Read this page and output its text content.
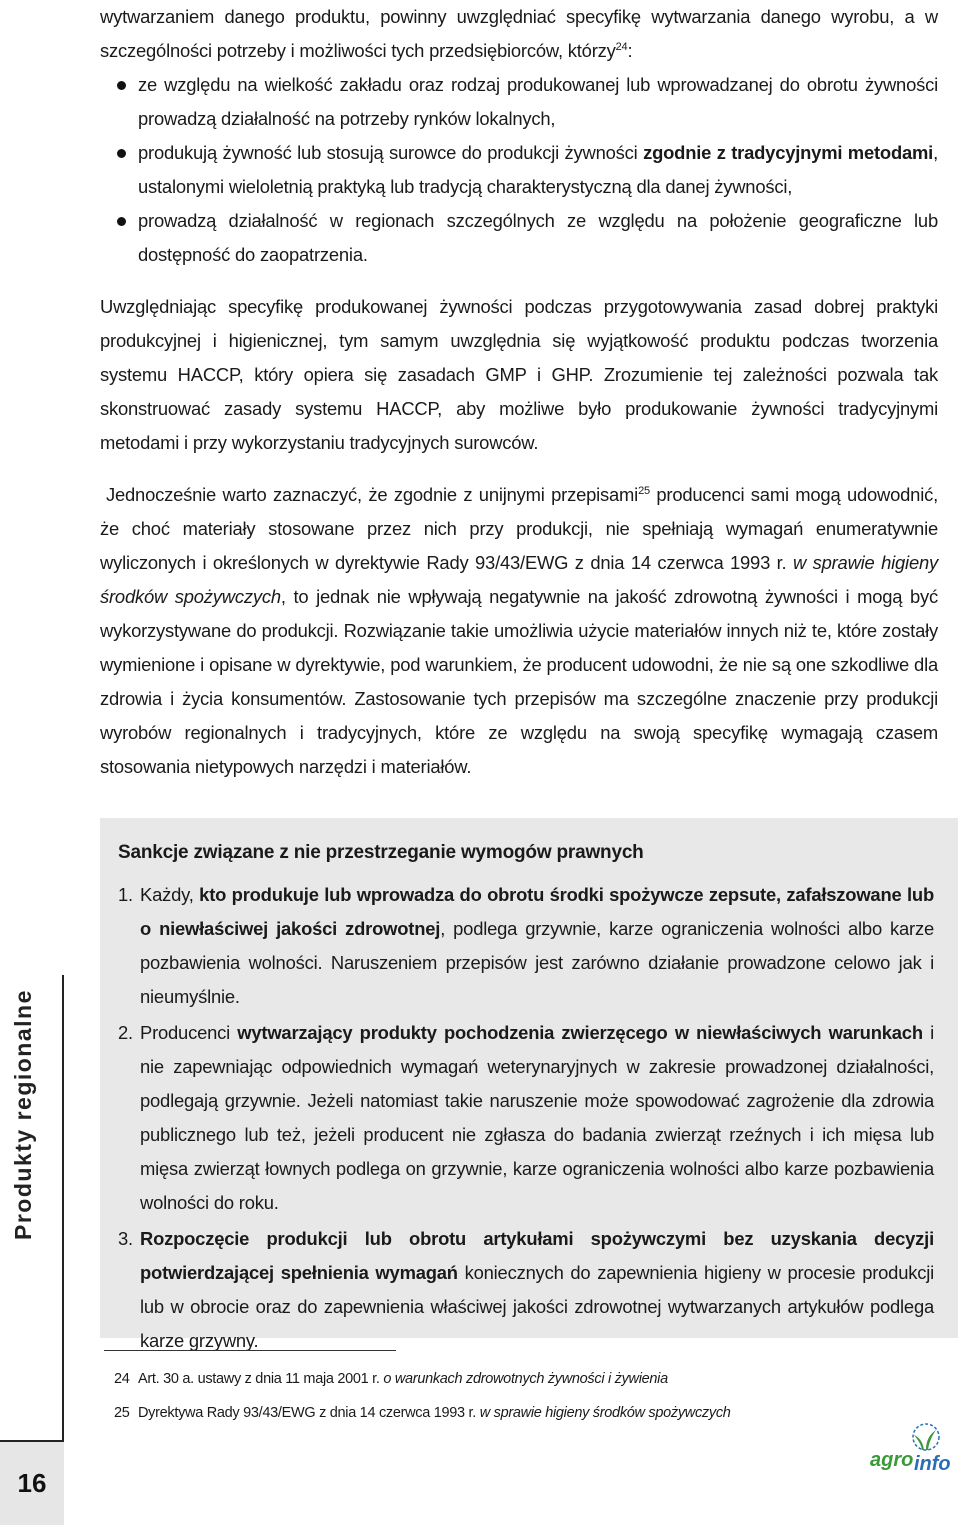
Produkty regionalne
16

wytwarzaniem danego produktu, powinny uwzględniać specyfikę wytwarzania danego wyrobu, a w szczególności potrzeby i możliwości tych przedsiębiorców, którzy$^{24}$:

ze względu na wielkość zakładu oraz rodzaj produkowanej lub wprowadzanej do obrotu żywności prowadzą działalność na potrzeby rynków lokalnych,
produkują żywność lub stosują surowce do produkcji żywności zgodnie z tradycyjnymi metodami, ustalonymi wieloletnią praktyką lub tradycją charakterystyczną dla danej żywności,
prowadzą działalność w regionach szczególnych ze względu na położenie geograficzne lub dostępność do zaopatrzenia.

Uwzględniając specyfikę produkowanej żywności podczas przygotowywania zasad dobrej praktyki produkcyjnej i higienicznej, tym samym uwzględnia się wyjątkowość produktu podczas tworzenia systemu HACCP, który opiera się zasadach GMP i GHP. Zrozumienie tej zależności pozwala tak skonstruować zasady systemu HACCP, aby możliwe było produkowanie żywności tradycyjnymi metodami i przy wykorzystaniu tradycyjnych surowców.

Jednocześnie warto zaznaczyć, że zgodnie z unijnymi przepisami$^{25}$ producenci sami mogą udowodnić, że choć materiały stosowane przez nich przy produkcji, nie spełniają wymagań enumeratywnie wyliczonych i określonych w dyrektywie Rady 93/43/EWG z dnia 14 czerwca 1993 r. w sprawie higieny środków spożywczych, to jednak nie wpływają negatywnie na jakość zdrowotną żywności i mogą być wykorzystywane do produkcji. Rozwiązanie takie umożliwia użycie materiałów innych niż te, które zostały wymienione i opisane w dyrektywie, pod warunkiem, że producent udowodni, że nie są one szkodliwe dla zdrowia i życia konsumentów. Zastosowanie tych przepisów ma szczególne znaczenie przy produkcji wyrobów regionalnych i tradycyjnych, które ze względu na swoją specyfikę wymagają czasem stosowania nietypowych narzędzi i materiałów.

Sankcje związane z nie przestrzeganie wymogów prawnych
1. Każdy, kto produkuje lub wprowadza do obrotu środki spożywcze zepsute, zafałszowane lub o niewłaściwej jakości zdrowotnej, podlega grzywnie, karze ograniczenia wolności albo karze pozbawienia wolności. Naruszeniem przepisów jest zarówno działanie prowadzone celowo jak i nieumyślnie.
2. Producenci wytwarzający produkty pochodzenia zwierzęcego w niewłaściwych warunkach i nie zapewniając odpowiednich wymagań weterynaryjnych w zakresie prowadzonej działalności, podlegają grzywnie. Jeżeli natomiast takie naruszenie może spowodować zagrożenie dla zdrowia publicznego lub też, jeżeli producent nie zgłasza do badania zwierząt rzeźnych i ich mięsa lub mięsa zwierząt łownych podlega on grzywnie, karze ograniczenia wolności albo karze pozbawienia wolności do roku.
3. Rozpoczęcie produkcji lub obrotu artykułami spożywczymi bez uzyskania decyzji potwierdzającej spełnienia wymagań koniecznych do zapewnienia higieny w procesie produkcji lub w obrocie oraz do zapewnienia właściwej jakości zdrowotnej wytwarzanych artykułów podlega karze grzywny.
24 Art. 30 a. ustawy z dnia 11 maja 2001 r. o warunkach zdrowotnych żywności i żywienia
25 Dyrektywa Rady 93/43/EWG z dnia 14 czerwca 1993 r. w sprawie higieny środków spożywczych
agro info
